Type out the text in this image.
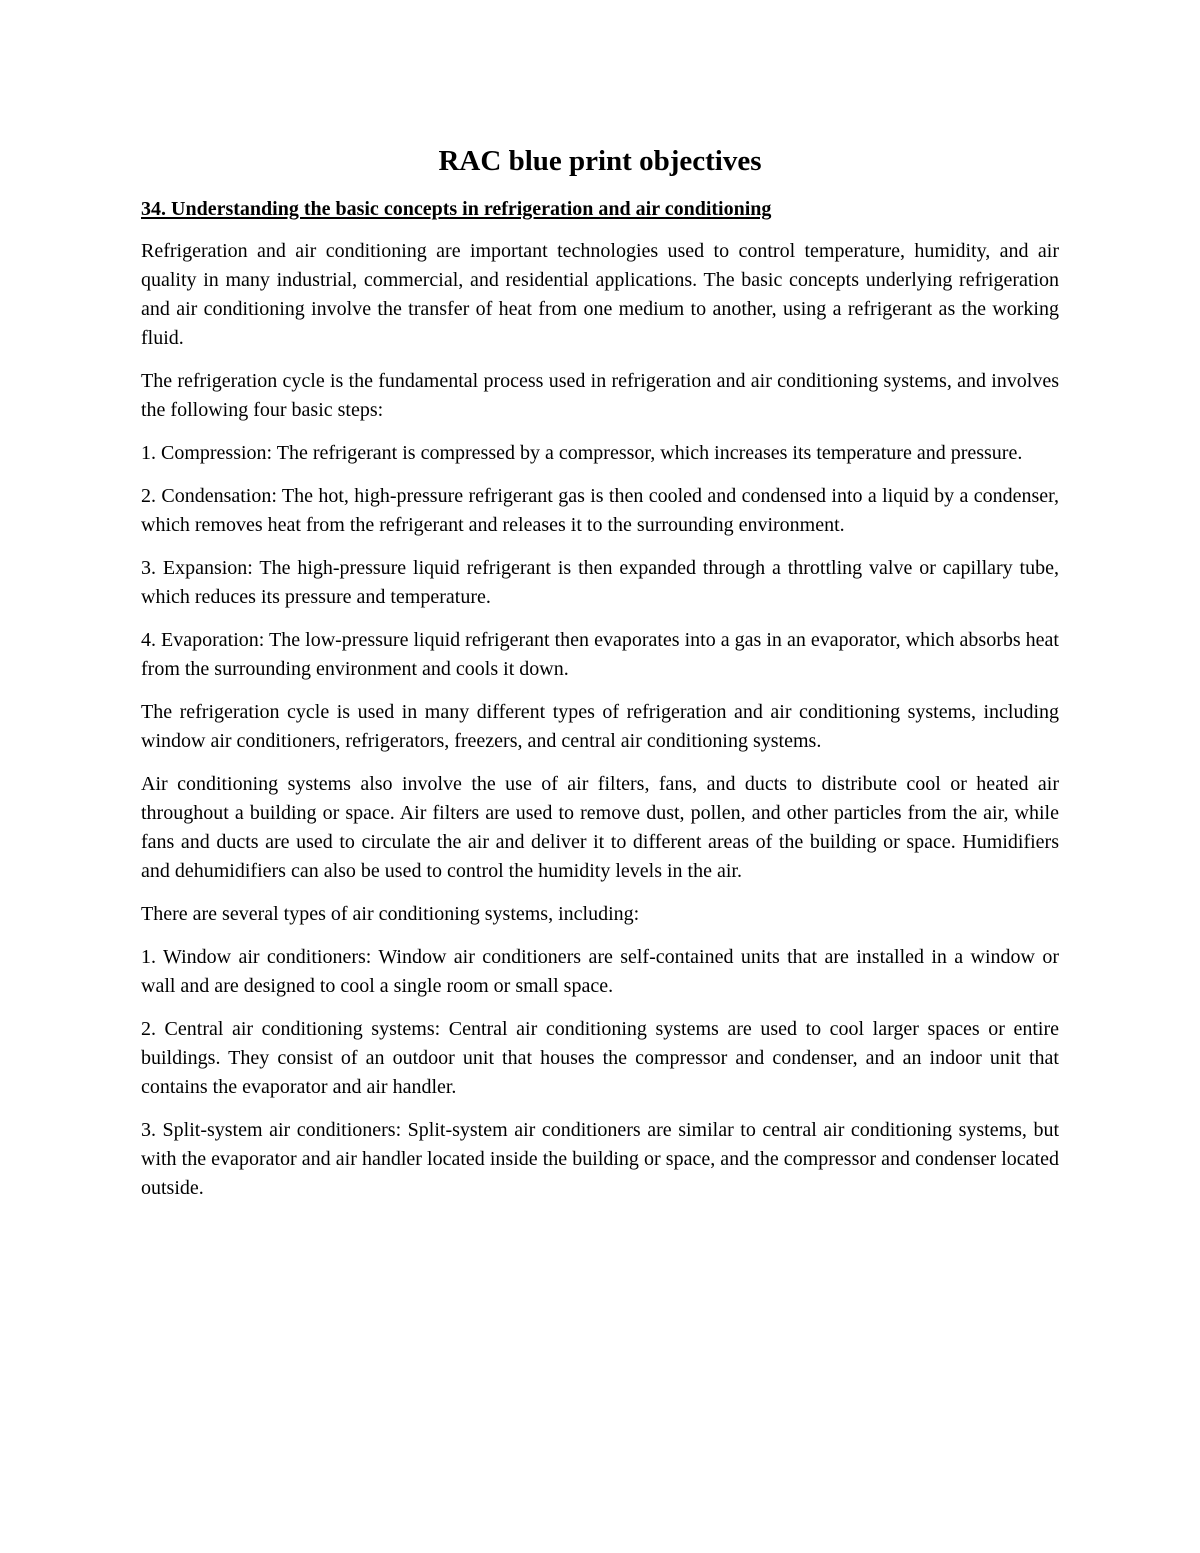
RAC blue print objectives
34. Understanding the basic concepts in refrigeration and air conditioning

Refrigeration and air conditioning are important technologies used to control temperature, humidity, and air quality in many industrial, commercial, and residential applications. The basic concepts underlying refrigeration and air conditioning involve the transfer of heat from one medium to another, using a refrigerant as the working fluid.

The refrigeration cycle is the fundamental process used in refrigeration and air conditioning systems, and involves the following four basic steps:

1. Compression: The refrigerant is compressed by a compressor, which increases its temperature and pressure.

2. Condensation: The hot, high-pressure refrigerant gas is then cooled and condensed into a liquid by a condenser, which removes heat from the refrigerant and releases it to the surrounding environment.

3. Expansion: The high-pressure liquid refrigerant is then expanded through a throttling valve or capillary tube, which reduces its pressure and temperature.

4. Evaporation: The low-pressure liquid refrigerant then evaporates into a gas in an evaporator, which absorbs heat from the surrounding environment and cools it down.

The refrigeration cycle is used in many different types of refrigeration and air conditioning systems, including window air conditioners, refrigerators, freezers, and central air conditioning systems.

Air conditioning systems also involve the use of air filters, fans, and ducts to distribute cool or heated air throughout a building or space. Air filters are used to remove dust, pollen, and other particles from the air, while fans and ducts are used to circulate the air and deliver it to different areas of the building or space. Humidifiers and dehumidifiers can also be used to control the humidity levels in the air.

There are several types of air conditioning systems, including:

1. Window air conditioners: Window air conditioners are self-contained units that are installed in a window or wall and are designed to cool a single room or small space.

2. Central air conditioning systems: Central air conditioning systems are used to cool larger spaces or entire buildings. They consist of an outdoor unit that houses the compressor and condenser, and an indoor unit that contains the evaporator and air handler.

3. Split-system air conditioners: Split-system air conditioners are similar to central air conditioning systems, but with the evaporator and air handler located inside the building or space, and the compressor and condenser located outside.
